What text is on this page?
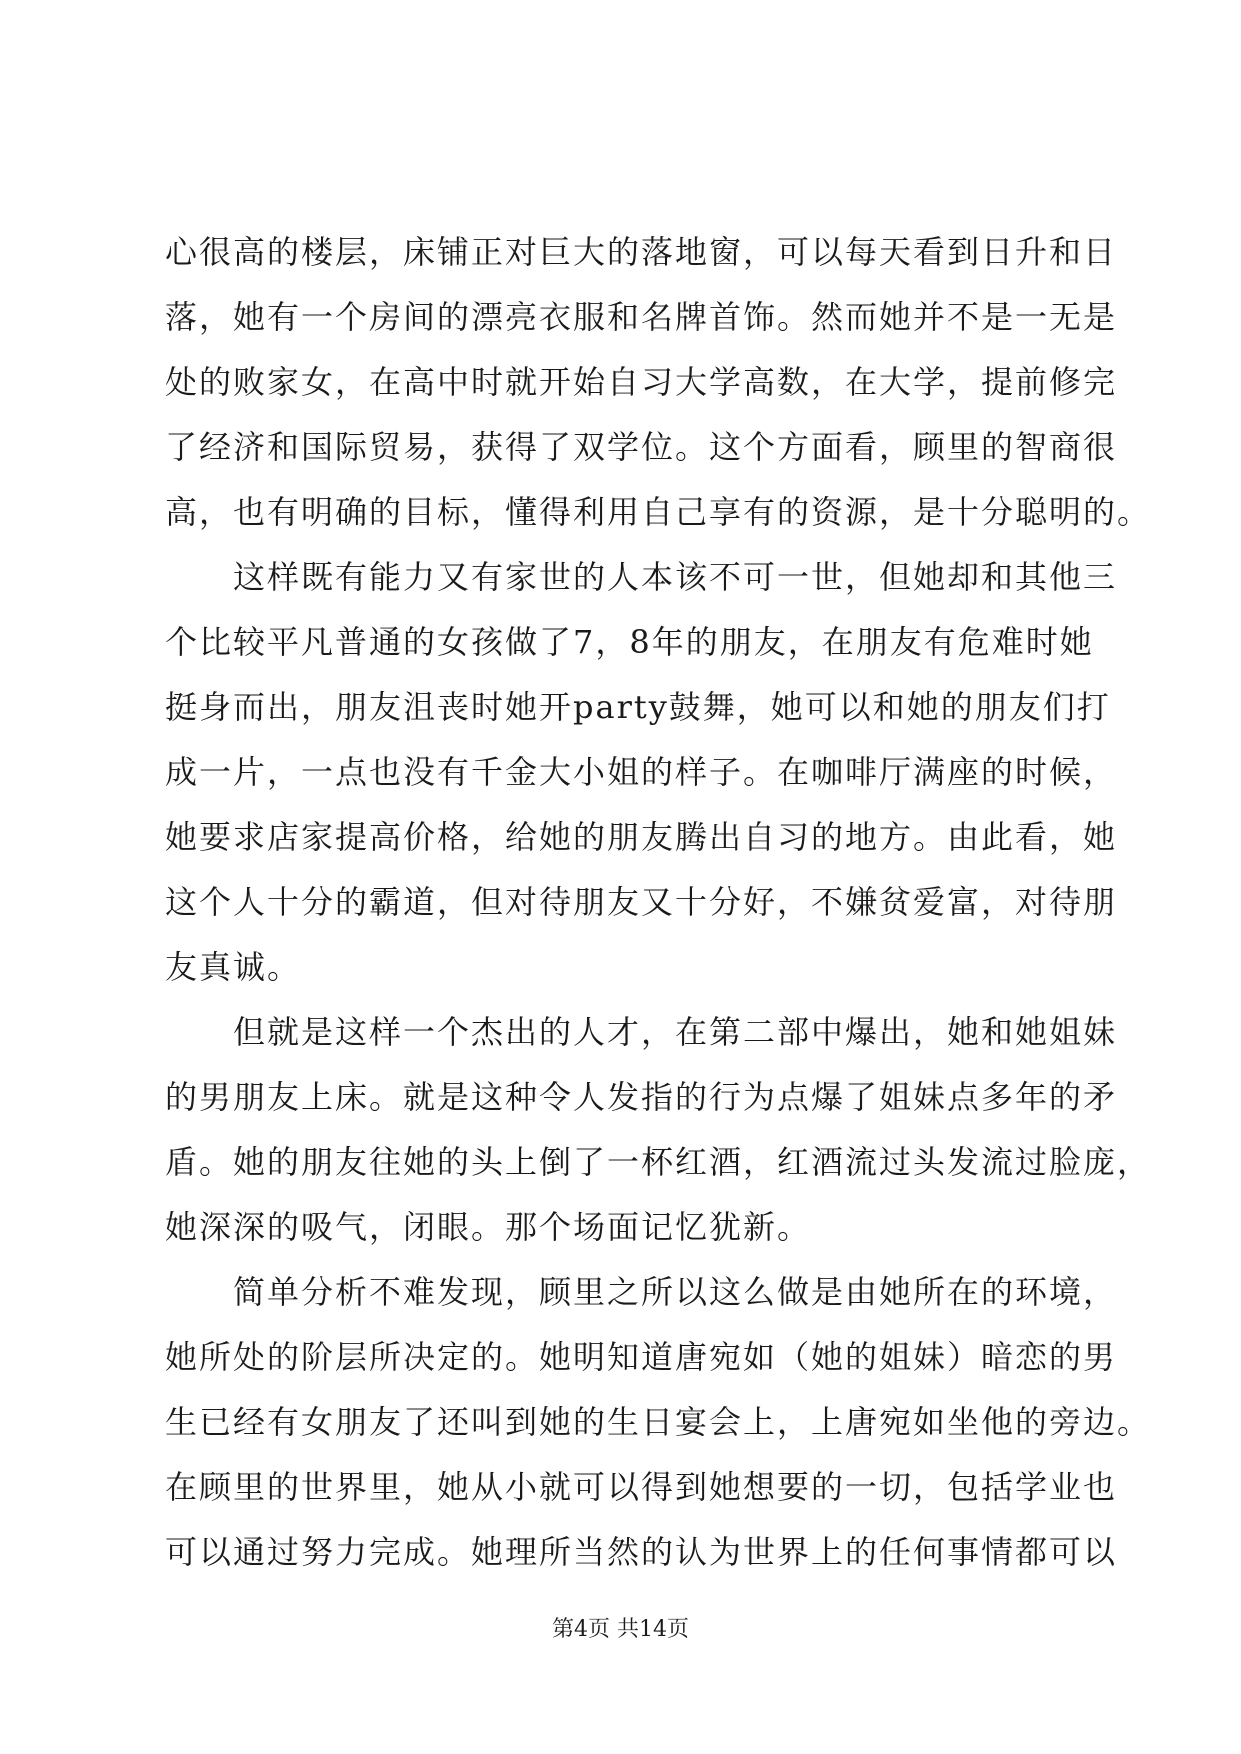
心很高的楼层，床铺正对巨大的落地窗，可以每天看到日升和日
落，她有一个房间的漂亮衣服和名牌首饰。然而她并不是一无是
处的败家女，在高中时就开始自习大学高数，在大学，提前修完
了经济和国际贸易，获得了双学位。这个方面看，顾里的智商很
高，也有明确的目标，懂得利用自己享有的资源，是十分聪明的。
　　这样既有能力又有家世的人本该不可一世，但她却和其他三
个比较平凡普通的女孩做了7，8年的朋友，在朋友有危难时她
挺身而出，朋友沮丧时她开party鼓舞，她可以和她的朋友们打
成一片，一点也没有千金大小姐的样子。在咖啡厅满座的时候，
她要求店家提高价格，给她的朋友腾出自习的地方。由此看，她
这个人十分的霸道，但对待朋友又十分好，不嫌贫爱富，对待朋
友真诚。
　　但就是这样一个杰出的人才，在第二部中爆出，她和她姐妹
的男朋友上床。就是这种令人发指的行为点爆了姐妹点多年的矛
盾。她的朋友往她的头上倒了一杯红酒，红酒流过头发流过脸庞，
她深深的吸气，闭眼。那个场面记忆犹新。
　　简单分析不难发现，顾里之所以这么做是由她所在的环境，
她所处的阶层所决定的。她明知道唐宛如（她的姐妹）暗恋的男
生已经有女朋友了还叫到她的生日宴会上，上唐宛如坐他的旁边。
在顾里的世界里，她从小就可以得到她想要的一切，包括学业也
可以通过努力完成。她理所当然的认为世界上的任何事情都可以
第4页 共14页
